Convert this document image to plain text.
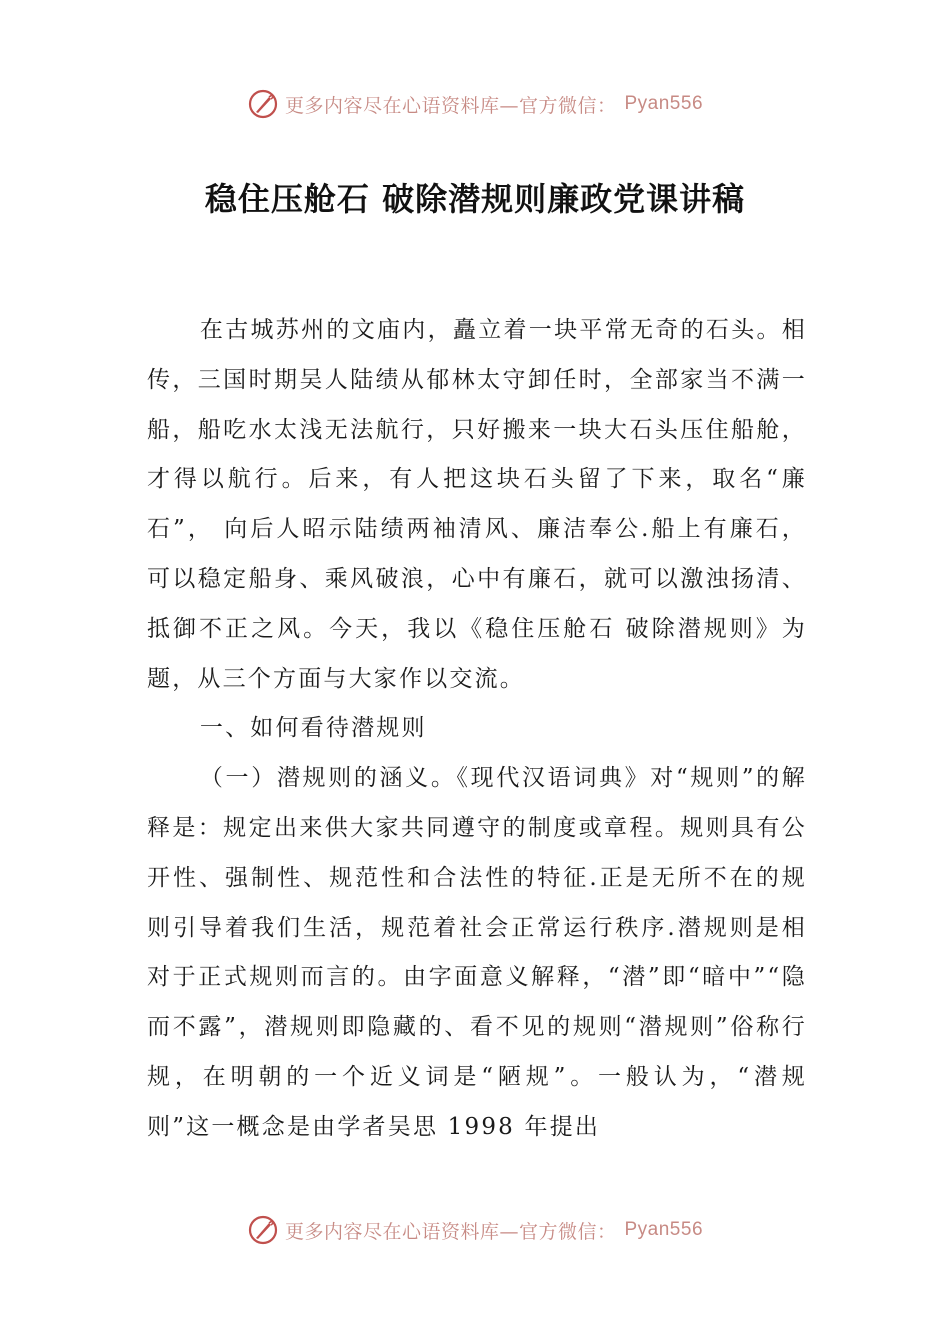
更多内容尽在心语资料库—官方微信： Pyan556
稳住压舱石 破除潜规则廉政党课讲稿

在古城苏州的文庙内，矗立着一块平常无奇的石头。相传，三国时期吴人陆绩从郁林太守卸任时，全部家当不满一船，船吃水太浅无法航行，只好搬来一块大石头压住船舱，才得以航行。后来，有人把这块石头留了下来，取名“廉石”， 向后人昭示陆绩两袖清风、廉洁奉公.船上有廉石，可以稳定船身、乘风破浪，心中有廉石，就可以激浊扬清、抵御不正之风。今天，我以《稳住压舱石 破除潜规则》为题，从三个方面与大家作以交流。

一、如何看待潜规则

（一）潜规则的涵义。《现代汉语词典》对“规则”的解释是：规定出来供大家共同遵守的制度或章程。规则具有公开性、强制性、规范性和合法性的特征.正是无所不在的规则引导着我们生活，规范着社会正常运行秩序.潜规则是相对于正式规则而言的。由字面意义解释，“潜”即“暗中”“隐而不露”，潜规则即隐藏的、看不见的规则“潜规则”俗称行规，在明朝的一个近义词是“陋规”。一般认为，“潜规则”这一概念是由学者吴思 1998 年提出

更多内容尽在心语资料库—官方微信： Pyan556
